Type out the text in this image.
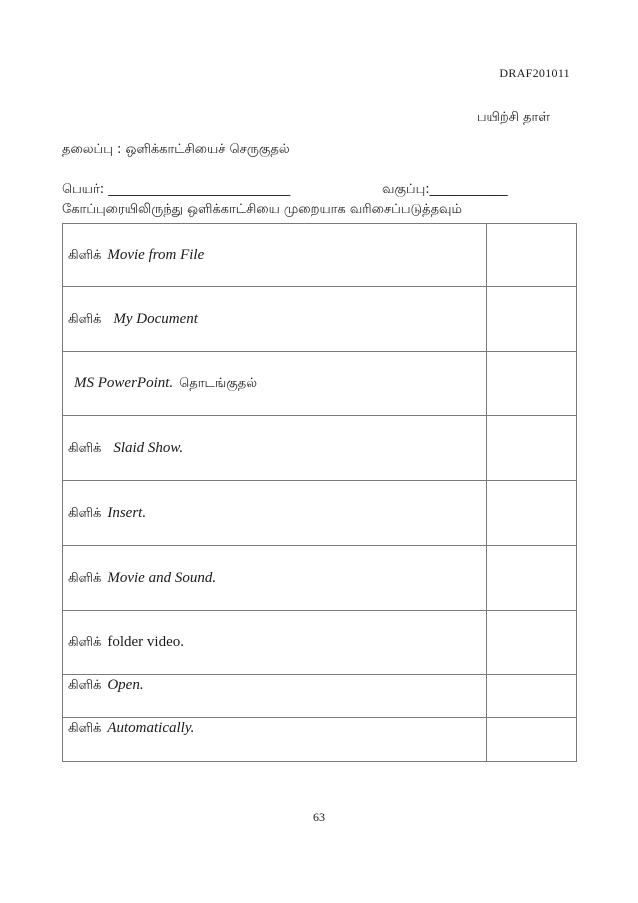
DRAF201011
பயிற்சி தாள்
தலைப்பு : ஒளிக்காட்சியைச் செருகுதல்
பெயர்: ____________________________	வகுப்பு:____________
கோப்புரையிலிருந்து ஒளிக்காட்சியை முறையாக வரிசைப்படுத்தவும்
கிளிக் Movie from File	
கிளிக் My Document	
MS PowerPoint. தொடங்குதல்	
கிளிக் Slaid Show.	
கிளிக் Insert.	
கிளிக் Movie and Sound.	
கிளிக் folder video.	
கிளிக் Open.	
கிளிக் Automatically.	
63
